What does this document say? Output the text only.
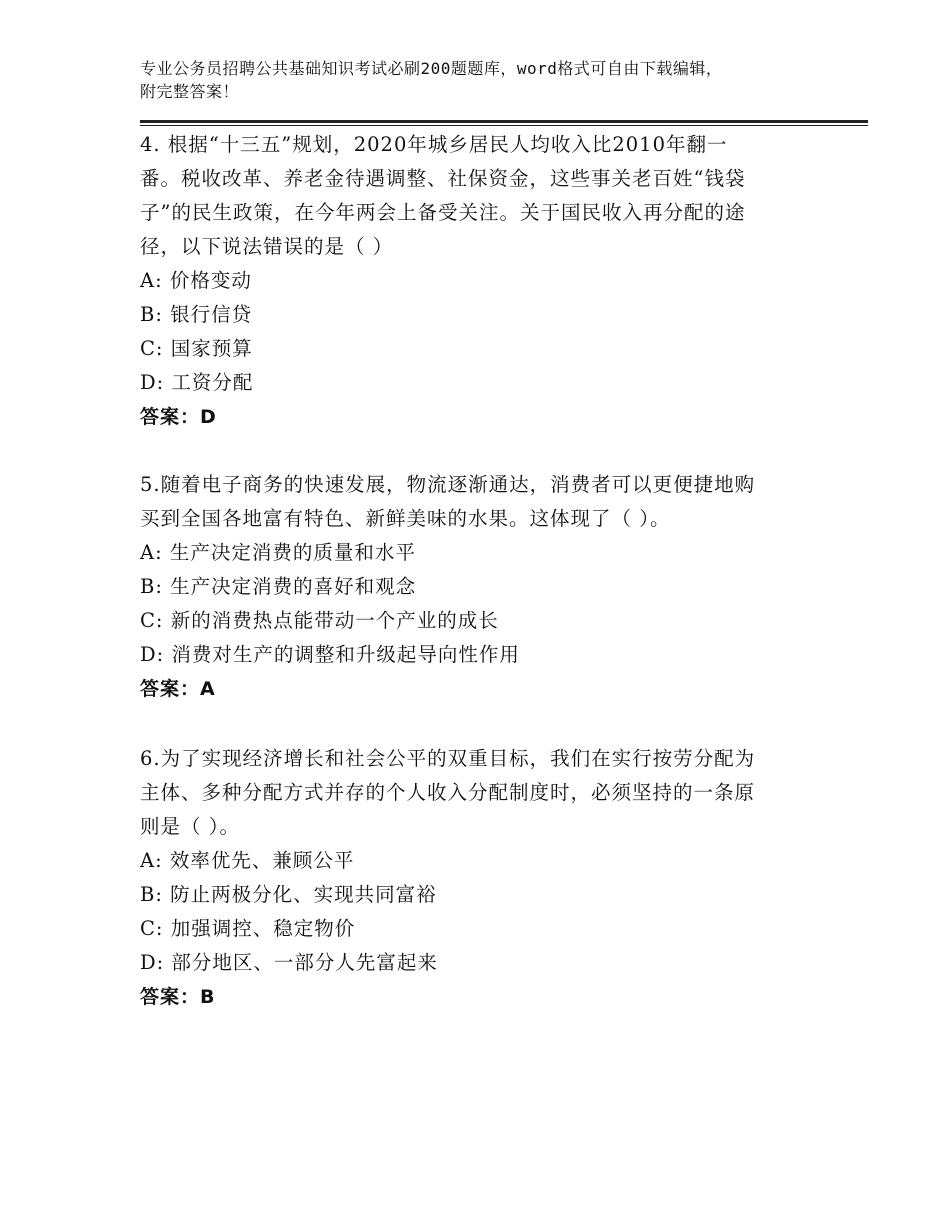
专业公务员招聘公共基础知识考试必刷200题题库，word格式可自由下载编辑，
附完整答案！

4. 根据“十三五”规划，2020年城乡居民人均收入比2010年翻一

番。税收改革、养老金待遇调整、社保资金，这些事关老百姓“钱袋

子”的民生政策，在今年两会上备受关注。关于国民收入再分配的途

径，以下说法错误的是（ ）

A: 价格变动

B: 银行信贷

C: 国家预算

D: 工资分配

答案：D

5.随着电子商务的快速发展，物流逐渐通达，消费者可以更便捷地购

买到全国各地富有特色、新鲜美味的水果。这体现了（ ）。

A: 生产决定消费的质量和水平

B: 生产决定消费的喜好和观念

C: 新的消费热点能带动一个产业的成长

D: 消费对生产的调整和升级起导向性作用

答案：A

6.为了实现经济增长和社会公平的双重目标，我们在实行按劳分配为

主体、多种分配方式并存的个人收入分配制度时，必须坚持的一条原

则是（ ）。

A: 效率优先、兼顾公平

B: 防止两极分化、实现共同富裕

C: 加强调控、稳定物价

D: 部分地区、一部分人先富起来

答案：B
